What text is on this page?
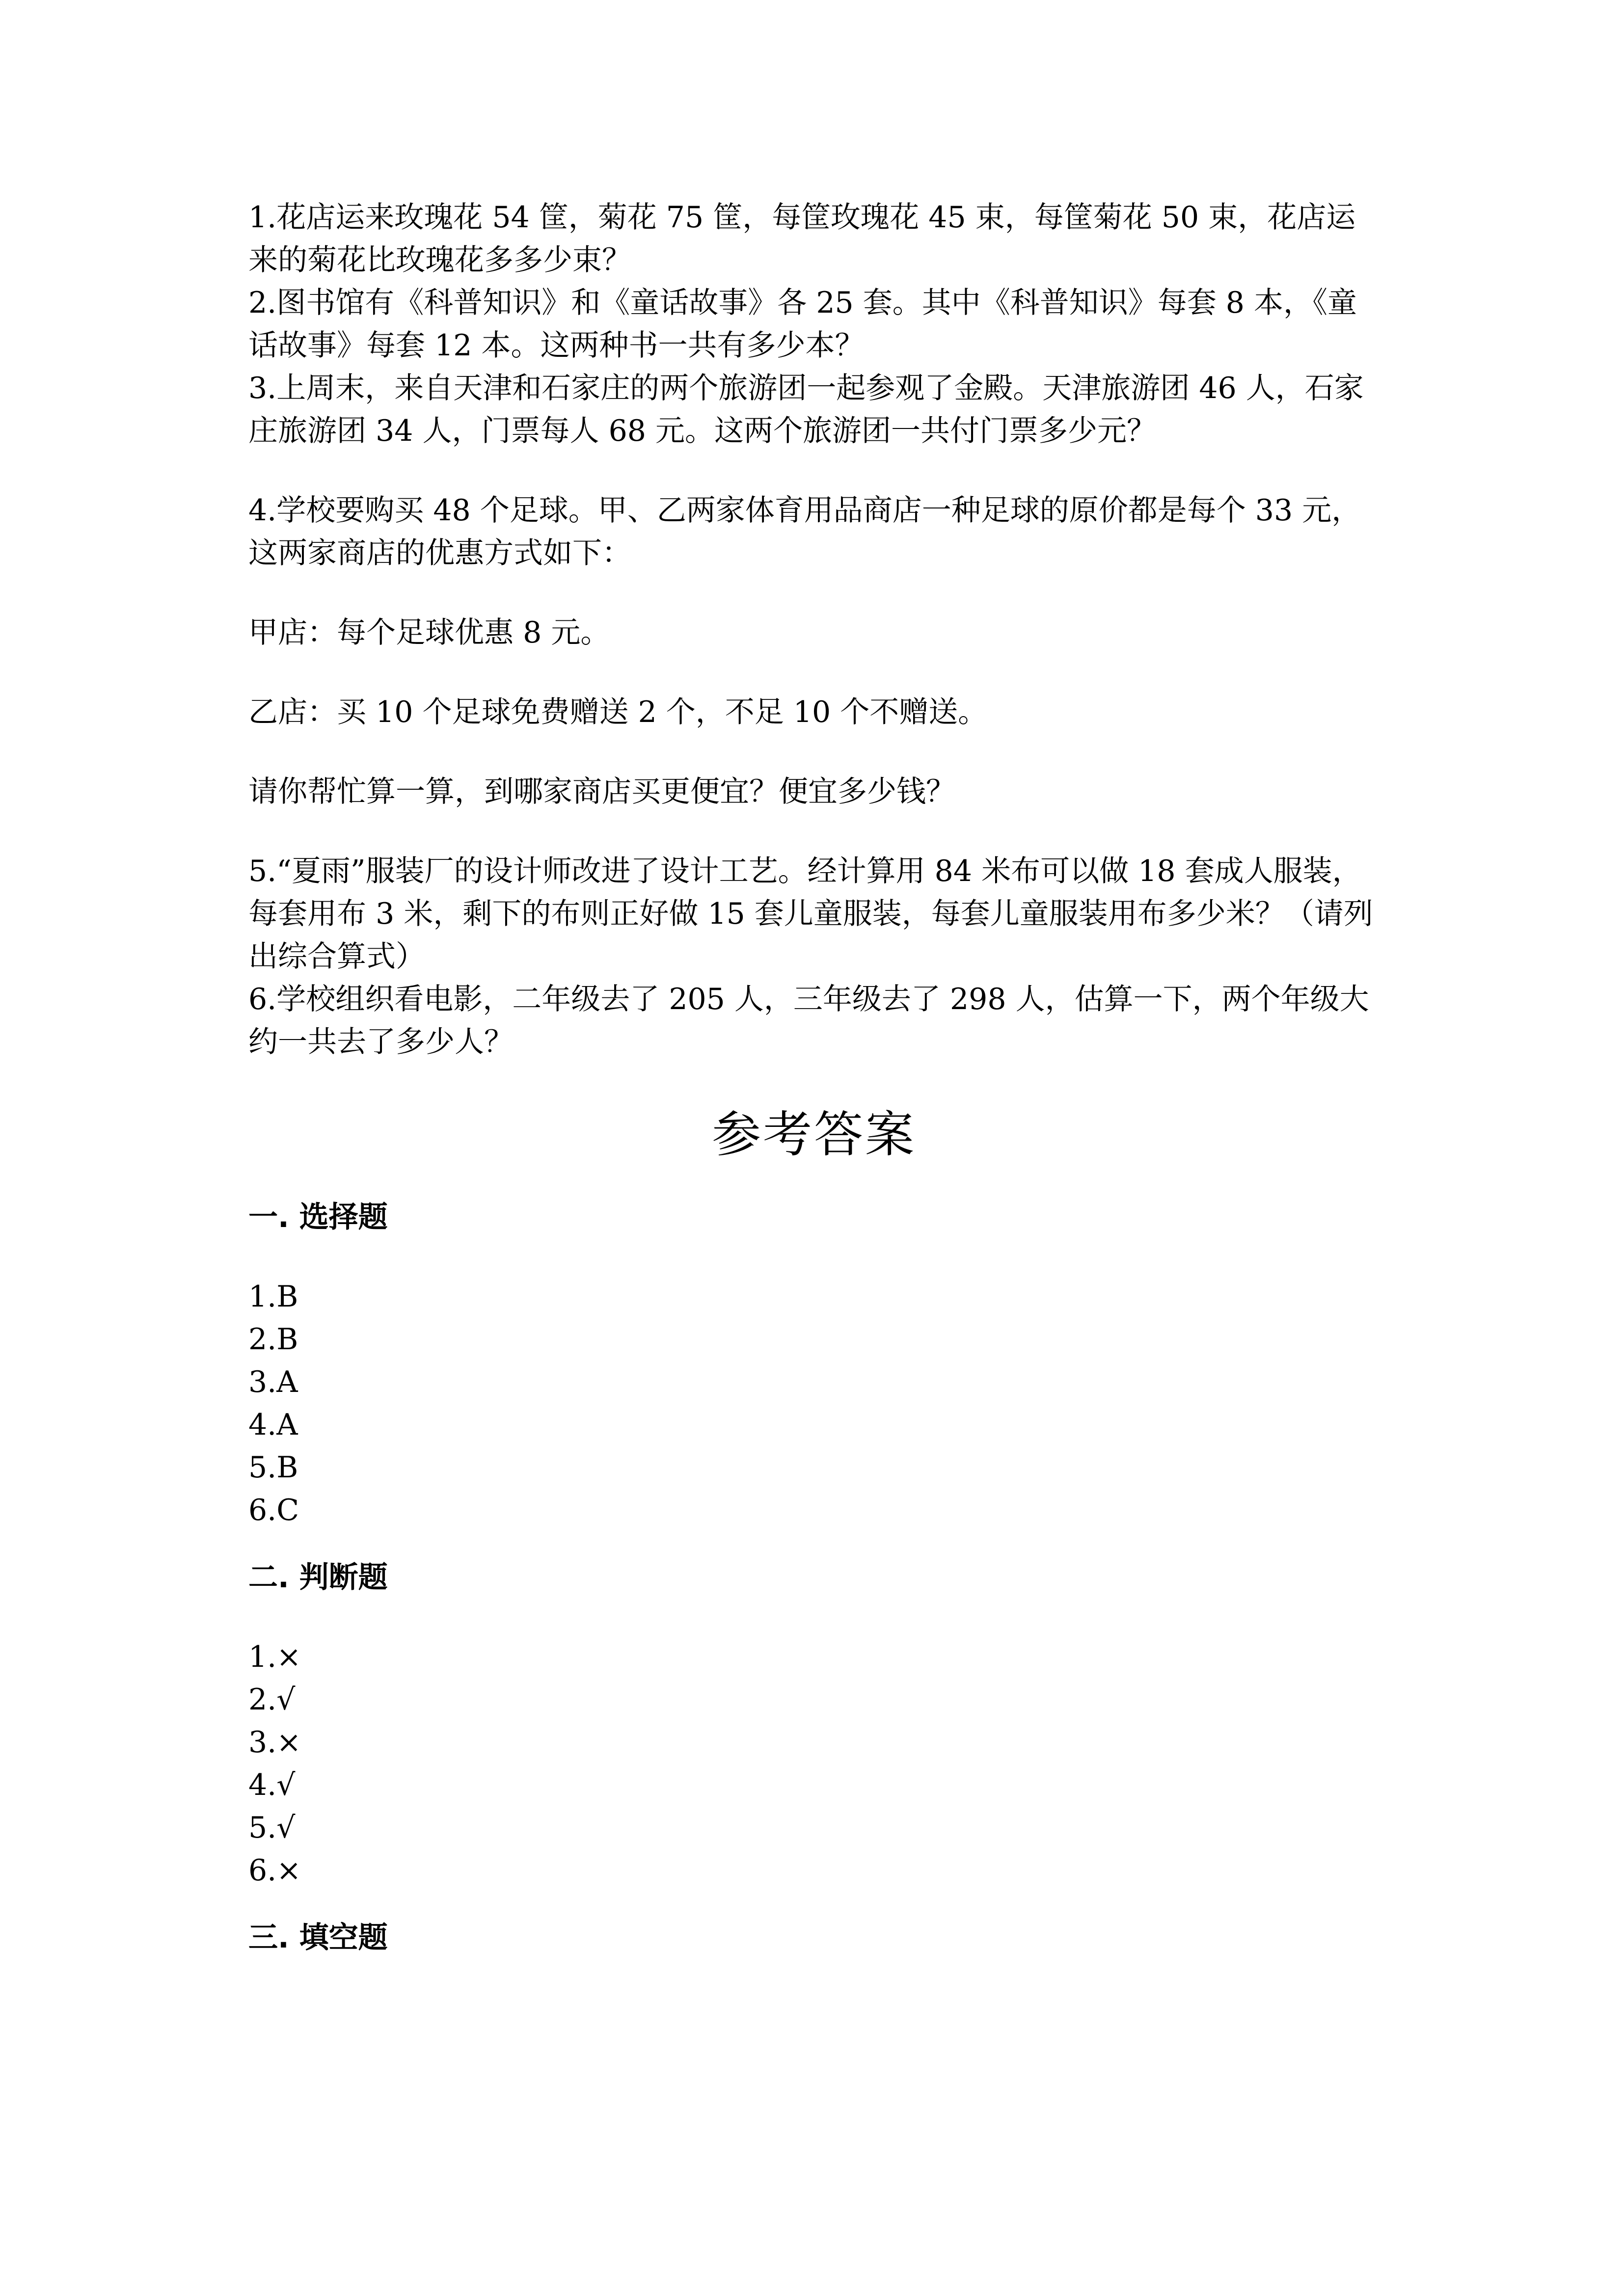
1.花店运来玫瑰花 54 筐，菊花 75 筐，每筐玫瑰花 45 束，每筐菊花 50 束，花店运来的菊花比玫瑰花多多少束？

2.图书馆有《科普知识》和《童话故事》各 25 套。其中《科普知识》每套 8 本，《童话故事》每套 12 本。这两种书一共有多少本？

3.上周末，来自天津和石家庄的两个旅游团一起参观了金殿。天津旅游团 46 人，石家庄旅游团 34 人，门票每人 68 元。这两个旅游团一共付门票多少元？

4.学校要购买 48 个足球。甲、乙两家体育用品商店一种足球的原价都是每个 33 元，这两家商店的优惠方式如下：

甲店：每个足球优惠 8 元。

乙店：买 10 个足球免费赠送 2 个，不足 10 个不赠送。

请你帮忙算一算，到哪家商店买更便宜？便宜多少钱？

5.“夏雨”服装厂的设计师改进了设计工艺。经计算用 84 米布可以做 18 套成人服装，每套用布 3 米，剩下的布则正好做 15 套儿童服装，每套儿童服装用布多少米？（请列出综合算式）

6.学校组织看电影，二年级去了 205 人，三年级去了 298 人，估算一下，两个年级大约一共去了多少人？

参考答案
一. 选择题

1.B

2.B

3.A

4.A

5.B

6.C

二. 判断题

1.×

2.√

3.×

4.√

5.√

6.×

三. 填空题
